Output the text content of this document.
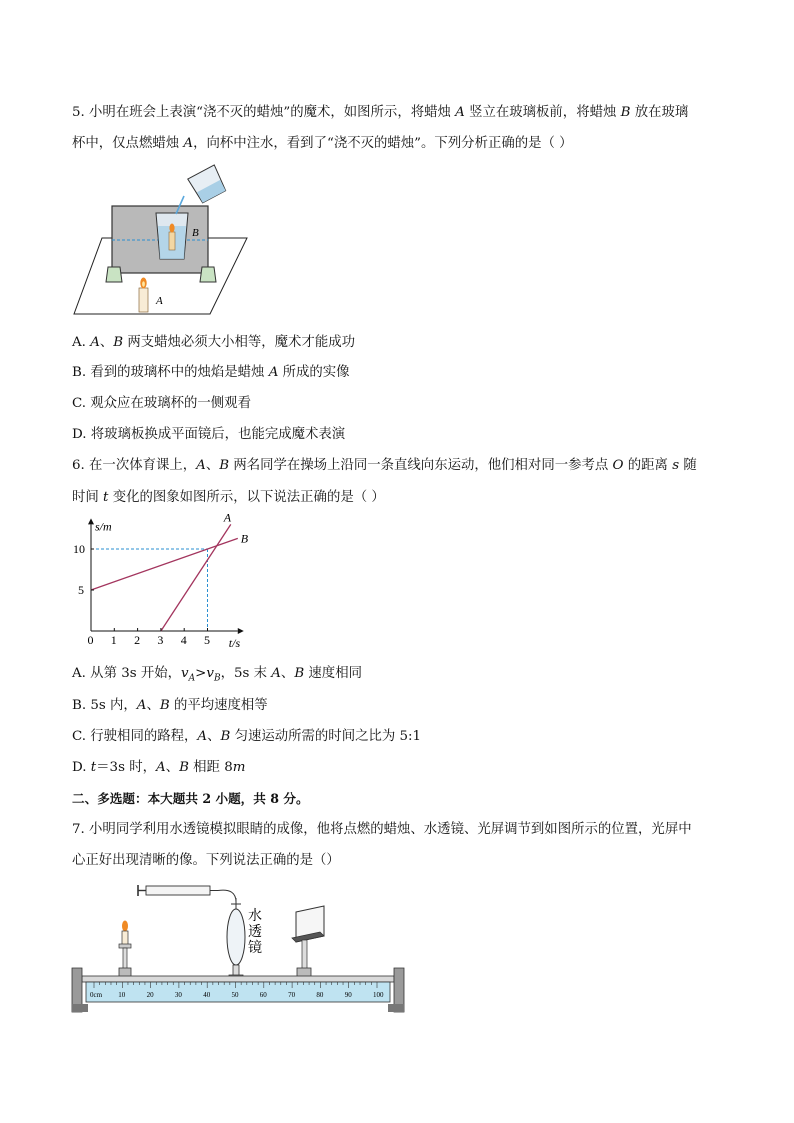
5. 小明在班会上表演“浇不灭的蜡烛”的魔术，如图所示，将蜡烛 A 竖立在玻璃板前，将蜡烛 B 放在玻璃
杯中，仅点燃蜡烛 A，向杯中注水，看到了“浇不灭的蜡烛”。下列分析正确的是（ ）
B
A
A. A、B 两支蜡烛必须大小相等，魔术才能成功
B. 看到的玻璃杯中的烛焰是蜡烛 A 所成的实像
C. 观众应在玻璃杯的一侧观看
D. 将玻璃板换成平面镜后，也能完成魔术表演
6. 在一次体育课上，A、B 两名同学在操场上沿同一条直线向东运动，他们相对同一参考点 O 的距离 s 随
时间 t 变化的图象如图所示，以下说法正确的是（ ）
A
B
0 1 2 3 4 5
5
10
s/m
t/s
A. 从第 3s 开始，$v_A>v_B$，5s 末 A、B 速度相同
B. 5s 内，A、B 的平均速度相等
C. 行驶相同的路程，A、B 匀速运动所需的时间之比为 5:1
D. t＝3s 时，A、B 相距 8m
二、多选题：本大题共 2 小题，共 8 分。
7. 小明同学利用水透镜模拟眼睛的成像，他将点燃的蜡烛、水透镜、光屏调节到如图所示的位置，光屏中
心正好出现清晰的像。下列说法正确的是（）
水
透
镜
0cm 10	20	30	40	50	60	70	80	90	100
